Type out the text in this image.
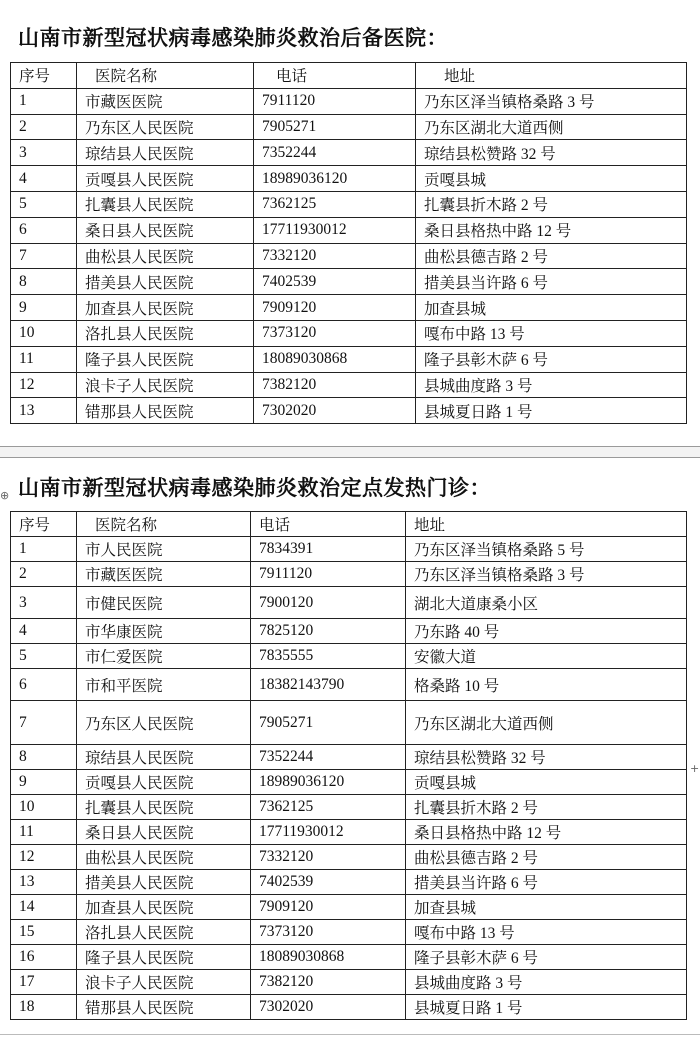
山南市新型冠状病毒感染肺炎救治后备医院：
序号	医院名称	电话	地址
1	市藏医医院	7911120	乃东区泽当镇格桑路 3 号
2	乃东区人民医院	7905271	乃东区湖北大道西侧
3	琼结县人民医院	7352244	琼结县松赞路 32 号
4	贡嘎县人民医院	18989036120	贡嘎县城
5	扎囊县人民医院	7362125	扎囊县折木路 2 号
6	桑日县人民医院	17711930012	桑日县格热中路 12 号
7	曲松县人民医院	7332120	曲松县德吉路 2 号
8	措美县人民医院	7402539	措美县当许路 6 号
9	加查县人民医院	7909120	加查县城
10	洛扎县人民医院	7373120	嘎布中路 13 号
11	隆子县人民医院	18089030868	隆子县彰木萨 6 号
12	浪卡子人民医院	7382120	县城曲度路 3 号
13	错那县人民医院	7302020	县城夏日路 1 号
⊕ 山南市新型冠状病毒感染肺炎救治定点发热门诊：
序号	医院名称	电话	地址
1	市人民医院	7834391	乃东区泽当镇格桑路 5 号
2	市藏医医院	7911120	乃东区泽当镇格桑路 3 号
3	市健民医院	7900120	湖北大道康桑小区
4	市华康医院	7825120	乃东路 40 号
5	市仁爱医院	7835555	安徽大道
6	市和平医院	18382143790	格桑路 10 号
7	乃东区人民医院	7905271	乃东区湖北大道西侧
8	琼结县人民医院	7352244	琼结县松赞路 32 号
9	贡嘎县人民医院	18989036120	贡嘎县城
10	扎囊县人民医院	7362125	扎囊县折木路 2 号
11	桑日县人民医院	17711930012	桑日县格热中路 12 号
12	曲松县人民医院	7332120	曲松县德吉路 2 号
13	措美县人民医院	7402539	措美县当许路 6 号
14	加查县人民医院	7909120	加查县城
15	洛扎县人民医院	7373120	嘎布中路 13 号
16	隆子县人民医院	18089030868	隆子县彰木萨 6 号
17	浪卡子人民医院	7382120	县城曲度路 3 号
18	错那县人民医院	7302020	县城夏日路 1 号
+
